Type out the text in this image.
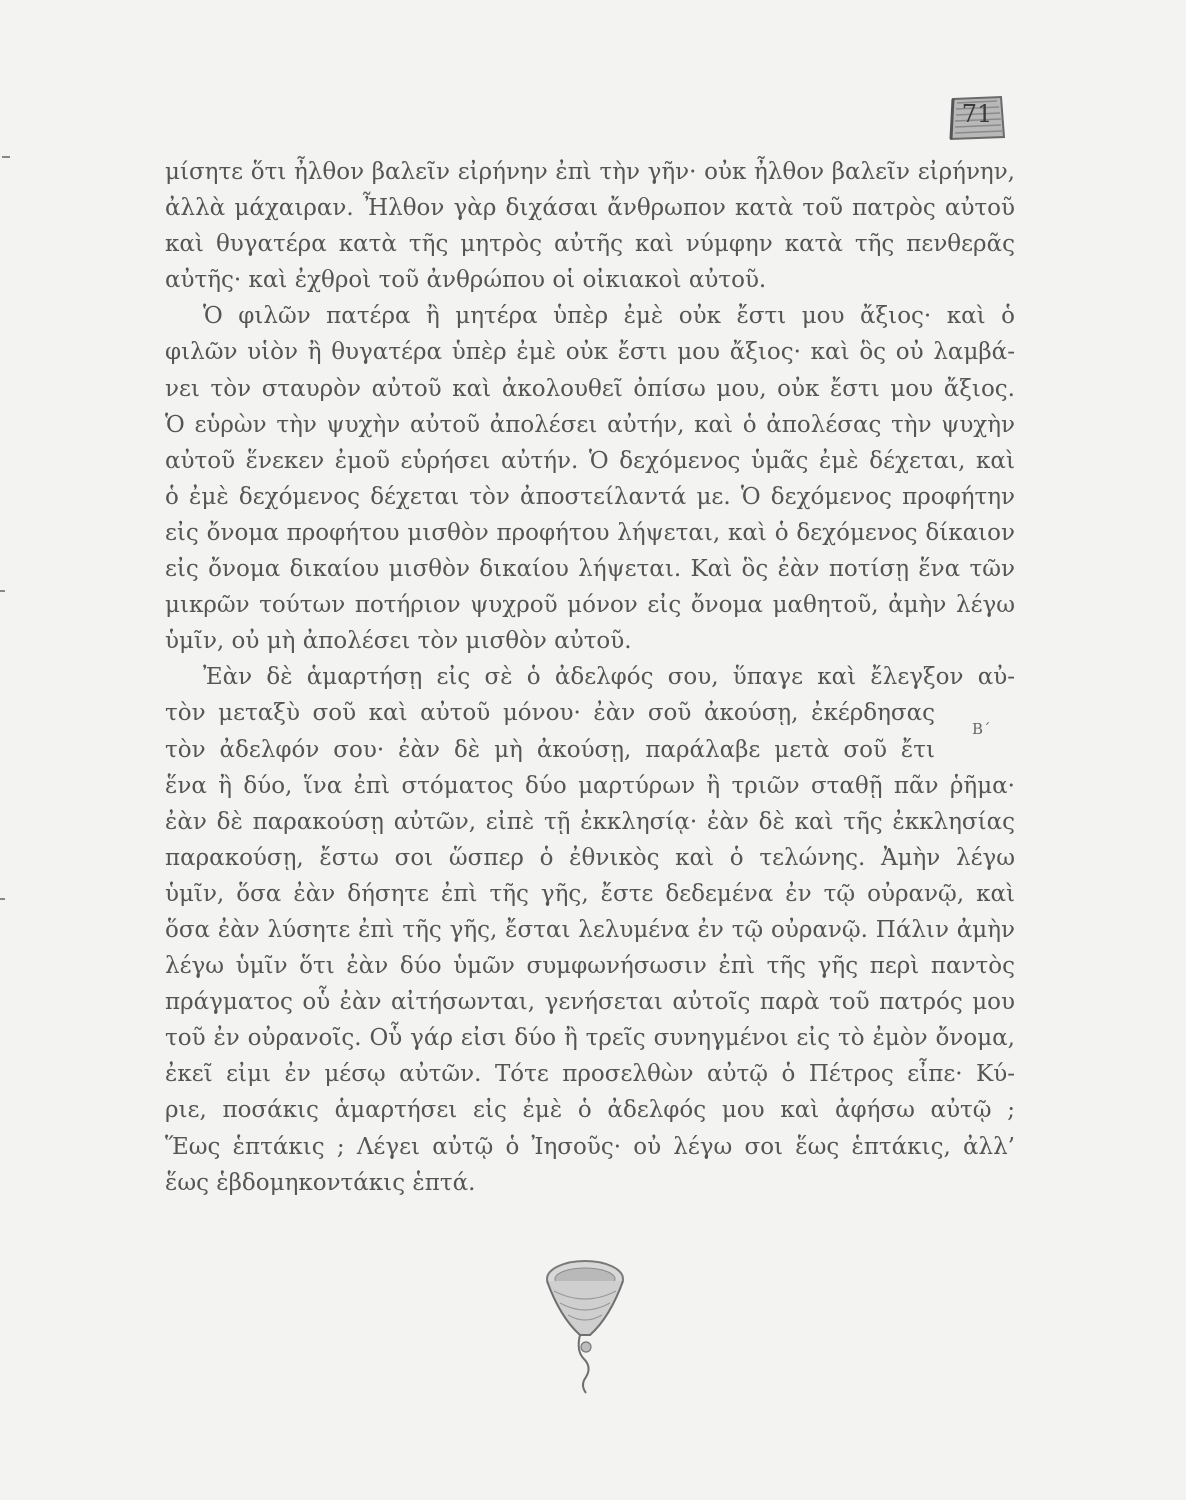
71
μίσητε ὅτι ἦλθον βαλεῖν εἰρήνην ἐπὶ τὴν γῆν· οὐκ ἦλθον βαλεῖν εἰρήνην,
ἀλλὰ μάχαιραν. Ἦλθον γὰρ διχάσαι ἄνθρωπον κατὰ τοῦ πατρὸς αὐτοῦ
καὶ θυγατέρα κατὰ τῆς μητρὸς αὐτῆς καὶ νύμφην κατὰ τῆς πενθερᾶς
αὐτῆς· καὶ ἐχθροὶ τοῦ ἀνθρώπου οἱ οἰκιακοὶ αὐτοῦ.
Ὁ φιλῶν πατέρα ἢ μητέρα ὑπὲρ ἐμὲ οὐκ ἔστι μου ἄξιος· καὶ ὁ
φιλῶν υἱὸν ἢ θυγατέρα ὑπὲρ ἐμὲ οὐκ ἔστι μου ἄξιος· καὶ ὃς οὐ λαμβά-
νει τὸν σταυρὸν αὐτοῦ καὶ ἀκολουθεῖ ὀπίσω μου, οὐκ ἔστι μου ἄξιος.
Ὁ εὑρὼν τὴν ψυχὴν αὐτοῦ ἀπολέσει αὐτήν, καὶ ὁ ἀπολέσας τὴν ψυχὴν
αὐτοῦ ἕνεκεν ἐμοῦ εὑρήσει αὐτήν. Ὁ δεχόμενος ὑμᾶς ἐμὲ δέχεται, καὶ
ὁ ἐμὲ δεχόμενος δέχεται τὸν ἀποστείλαντά με. Ὁ δεχόμενος προφήτην
εἰς ὄνομα προφήτου μισθὸν προφήτου λήψεται, καὶ ὁ δεχόμενος δίκαιον
εἰς ὄνομα δικαίου μισθὸν δικαίου λήψεται. Καὶ ὃς ἐὰν ποτίσῃ ἕνα τῶν
μικρῶν τούτων ποτήριον ψυχροῦ μόνον εἰς ὄνομα μαθητοῦ, ἀμὴν λέγω
ὑμῖν, οὐ μὴ ἀπολέσει τὸν μισθὸν αὐτοῦ.
Ἐὰν δὲ ἁμαρτήσῃ εἰς σὲ ὁ ἀδελφός σου, ὕπαγε καὶ ἔλεγξον αὐ-
τὸν μεταξὺ σοῦ καὶ αὐτοῦ μόνου· ἐὰν σοῦ ἀκούσῃ, ἐκέρδησας
τὸν ἀδελφόν σου· ἐὰν δὲ μὴ ἀκούσῃ, παράλαβε μετὰ σοῦ ἔτι
ἕνα ἢ δύο, ἵνα ἐπὶ στόματος δύο μαρτύρων ἢ τριῶν σταθῇ πᾶν ῥῆμα·
ἐὰν δὲ παρακούσῃ αὐτῶν, εἰπὲ τῇ ἐκκλησίᾳ· ἐὰν δὲ καὶ τῆς ἐκκλησίας
παρακούσῃ, ἔστω σοι ὥσπερ ὁ ἐθνικὸς καὶ ὁ τελώνης. Ἀμὴν λέγω
ὑμῖν, ὅσα ἐὰν δήσητε ἐπὶ τῆς γῆς, ἔστε δεδεμένα ἐν τῷ οὐρανῷ, καὶ
ὅσα ἐὰν λύσητε ἐπὶ τῆς γῆς, ἔσται λελυμένα ἐν τῷ οὐρανῷ. Πάλιν ἀμὴν
λέγω ὑμῖν ὅτι ἐὰν δύο ὑμῶν συμφωνήσωσιν ἐπὶ τῆς γῆς περὶ παντὸς
πράγματος οὗ ἐὰν αἰτήσωνται, γενήσεται αὐτοῖς παρὰ τοῦ πατρός μου
τοῦ ἐν οὐρανοῖς. Οὗ γάρ εἰσι δύο ἢ τρεῖς συνηγμένοι εἰς τὸ ἐμὸν ὄνομα,
ἐκεῖ εἰμι ἐν μέσῳ αὐτῶν. Τότε προσελθὼν αὐτῷ ὁ Πέτρος εἶπε· Κύ-
ριε, ποσάκις ἁμαρτήσει εἰς ἐμὲ ὁ ἀδελφός μου καὶ ἀφήσω αὐτῷ ;
Ἕως ἑπτάκις ; Λέγει αὐτῷ ὁ Ἰησοῦς· οὐ λέγω σοι ἕως ἑπτάκις, ἀλλ’
ἕως ἑβδομηκοντάκις ἑπτά.
Β΄
